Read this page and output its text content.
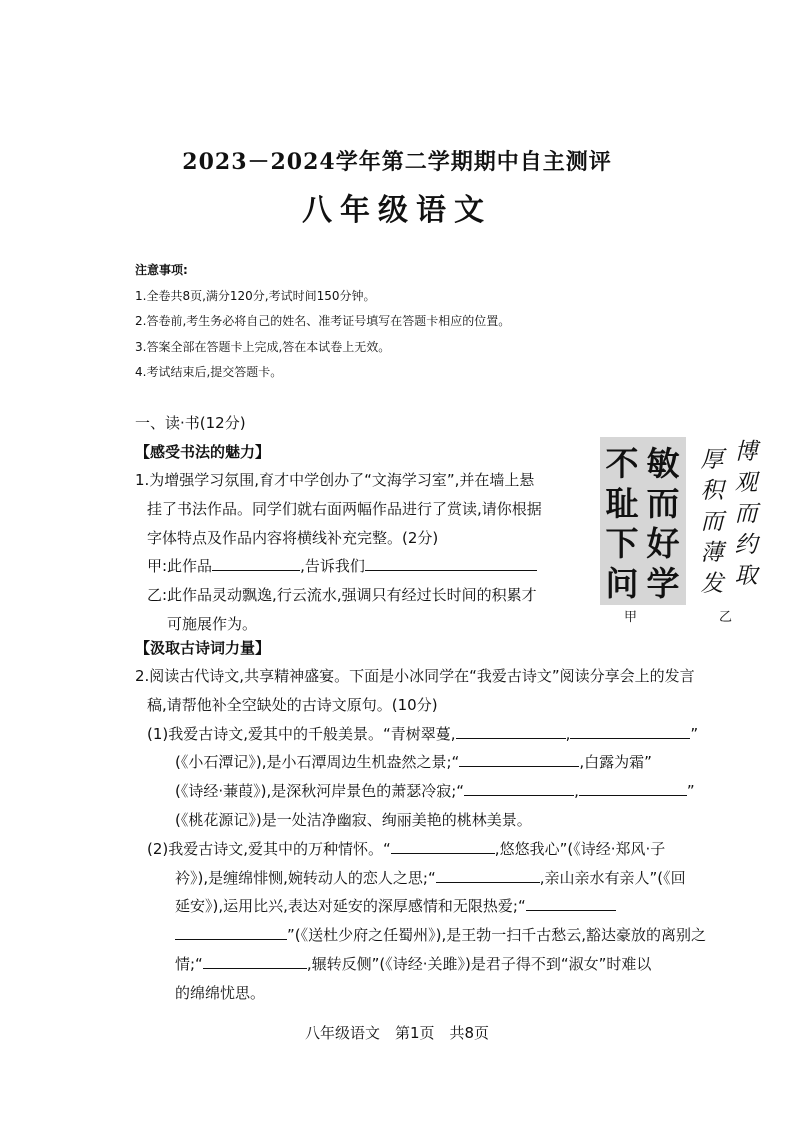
2023－2024学年第二学期期中自主测评
八年级语文
注意事项:
1.全卷共8页,满分120分,考试时间150分钟。
2.答卷前,考生务必将自己的姓名、准考证号填写在答题卡相应的位置。
3.答案全部在答题卡上完成,答在本试卷上无效。
4.考试结束后,提交答题卡。
一、读·书(12分)
【感受书法的魅力】
1.为增强学习氛围,育才中学创办了“文海学习室”,并在墙上悬
挂了书法作品。同学们就右面两幅作品进行了赏读,请你根据
字体特点及作品内容将横线补充完整。(2分)
甲:此作品	,告诉我们
乙:此作品灵动飘逸,行云流水,强调只有经过长时间的积累才
可施展作为。
不
耻
下
问
敏
而
好
学
厚
积
而
薄
发
博
观
而
约
取
甲	乙
【汲取古诗词力量】
2.阅读古代诗文,共享精神盛宴。下面是小冰同学在“我爱古诗文”阅读分享会上的发言
稿,请帮他补全空缺处的古诗文原句。(10分)
(1)我爱古诗文,爱其中的千般美景。“青树翠蔓,	,	”
(《小石潭记》),是小石潭周边生机盎然之景;“	,白露为霜”
(《诗经·蒹葭》),是深秋河岸景色的萧瑟冷寂;“	,	”
(《桃花源记》)是一处洁净幽寂、绚丽美艳的桃林美景。
(2)我爱古诗文,爱其中的万种情怀。“	,悠悠我心”(《诗经·郑风·子
衿》),是缠绵悱恻,婉转动人的恋人之思;“	,亲山亲水有亲人”(《回
延安》),运用比兴,表达对延安的深厚感情和无限热爱;“
”(《送杜少府之任蜀州》),是王勃一扫千古愁云,豁达豪放的离别之
情;“	,辗转反侧”(《诗经·关雎》)是君子得不到“淑女”时难以
的绵绵忧思。
八年级语文　第1页　共8页
